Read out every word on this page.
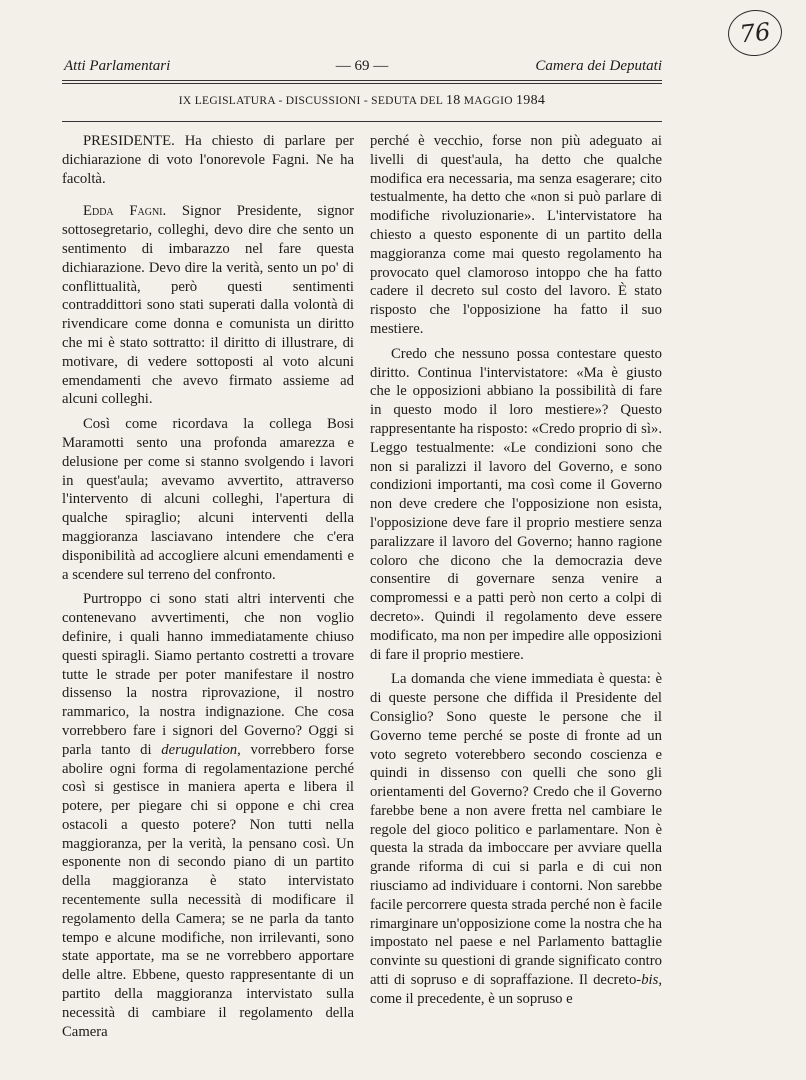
76
Atti Parlamentari	— 69 —	Camera dei Deputati
IX LEGISLATURA - DISCUSSIONI - SEDUTA DEL 18 MAGGIO 1984

PRESIDENTE. Ha chiesto di parlare per dichiarazione di voto l'onorevole Fagni. Ne ha facoltà.

Edda Fagni. Signor Presidente, signor sottosegretario, colleghi, devo dire che sento un sentimento di imbarazzo nel fare questa dichiarazione. Devo dire la verità, sento un po' di conflittualità, però questi sentimenti contraddittori sono stati superati dalla volontà di rivendicare come donna e comunista un diritto che mi è stato sottratto: il diritto di illustrare, di motivare, di vedere sottoposti al voto alcuni emendamenti che avevo firmato assieme ad alcuni colleghi.

Così come ricordava la collega Bosi Maramotti sento una profonda amarezza e delusione per come si stanno svolgendo i lavori in quest'aula; avevamo avvertito, attraverso l'intervento di alcuni colleghi, l'apertura di qualche spiraglio; alcuni interventi della maggioranza lasciavano intendere che c'era disponibilità ad accogliere alcuni emendamenti e a scendere sul terreno del confronto.

Purtroppo ci sono stati altri interventi che contenevano avvertimenti, che non voglio definire, i quali hanno immediatamente chiuso questi spiragli. Siamo pertanto costretti a trovare tutte le strade per poter manifestare il nostro dissenso la nostra riprovazione, il nostro rammarico, la nostra indignazione. Che cosa vorrebbero fare i signori del Governo? Oggi si parla tanto di derugulation, vorrebbero forse abolire ogni forma di regolamentazione perché così si gestisce in maniera aperta e libera il potere, per piegare chi si oppone e chi crea ostacoli a questo potere? Non tutti nella maggioranza, per la verità, la pensano così. Un esponente non di secondo piano di un partito della maggioranza è stato intervistato recentemente sulla necessità di modificare il regolamento della Camera; se ne parla da tanto tempo e alcune modifiche, non irrilevanti, sono state apportate, ma se ne vorrebbero apportare delle altre. Ebbene, questo rappresentante di un partito della maggioranza intervistato sulla necessità di cambiare il regolamento della Camera

perché è vecchio, forse non più adeguato ai livelli di quest'aula, ha detto che qualche modifica era necessaria, ma senza esagerare; cito testualmente, ha detto che «non si può parlare di modifiche rivoluzionarie». L'intervistatore ha chiesto a questo esponente di un partito della maggioranza come mai questo regolamento ha provocato quel clamoroso intoppo che ha fatto cadere il decreto sul costo del lavoro. È stato risposto che l'opposizione ha fatto il suo mestiere.

Credo che nessuno possa contestare questo diritto. Continua l'intervistatore: «Ma è giusto che le opposizioni abbiano la possibilità di fare in questo modo il loro mestiere»? Questo rappresentante ha risposto: «Credo proprio di sì». Leggo testualmente: «Le condizioni sono che non si paralizzi il lavoro del Governo, e sono condizioni importanti, ma così come il Governo non deve credere che l'opposizione non esista, l'opposizione deve fare il proprio mestiere senza paralizzare il lavoro del Governo; hanno ragione coloro che dicono che la democrazia deve consentire di governare senza venire a compromessi e a patti però non certo a colpi di decreto». Quindi il regolamento deve essere modificato, ma non per impedire alle opposizioni di fare il proprio mestiere.

La domanda che viene immediata è questa: è di queste persone che diffida il Presidente del Consiglio? Sono queste le persone che il Governo teme perché se poste di fronte ad un voto segreto voterebbero secondo coscienza e quindi in dissenso con quelli che sono gli orientamenti del Governo? Credo che il Governo farebbe bene a non avere fretta nel cambiare le regole del gioco politico e parlamentare. Non è questa la strada da imboccare per avviare quella grande riforma di cui si parla e di cui non riusciamo ad individuare i contorni. Non sarebbe facile percorrere questa strada perché non è facile rimarginare un'opposizione come la nostra che ha impostato nel paese e nel Parlamento battaglie convinte su questioni di grande significato contro atti di sopruso e di sopraffazione. Il decreto-bis, come il precedente, è un sopruso e
